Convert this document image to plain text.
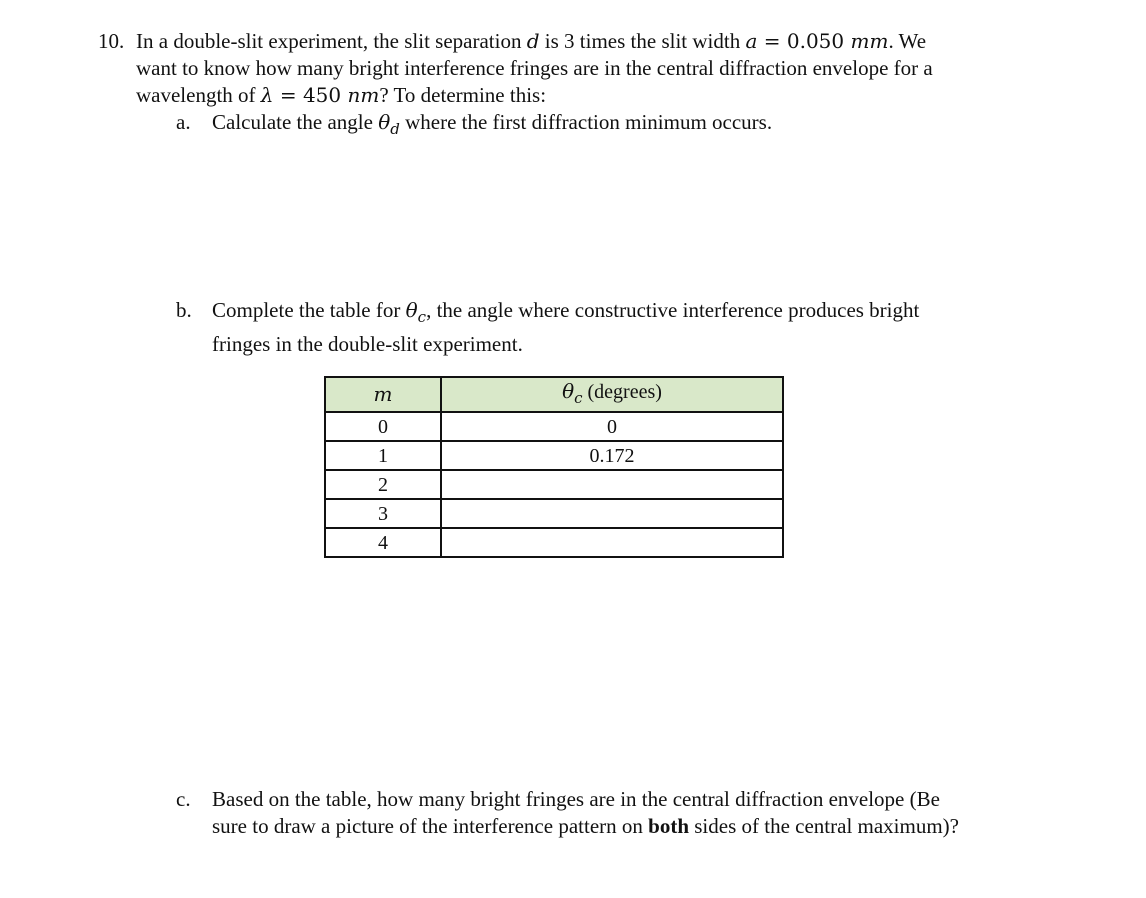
10. In a double-slit experiment, the slit separation d is 3 times the slit width a = 0.050 mm. We
want to know how many bright interference fringes are in the central diffraction envelope for a
wavelength of λ = 450 nm? To determine this:
a. Calculate the angle $\theta_d$ where the first diffraction minimum occurs.
b. Complete the table for $\theta_c$, the angle where constructive interference produces bright
fringes in the double-slit experiment.
m	$\theta_c$ (degrees)
0	0
1	0.172
2	
3	
4	
c. Based on the table, how many bright fringes are in the central diffraction envelope (Be
sure to draw a picture of the interference pattern on both sides of the central maximum)?
